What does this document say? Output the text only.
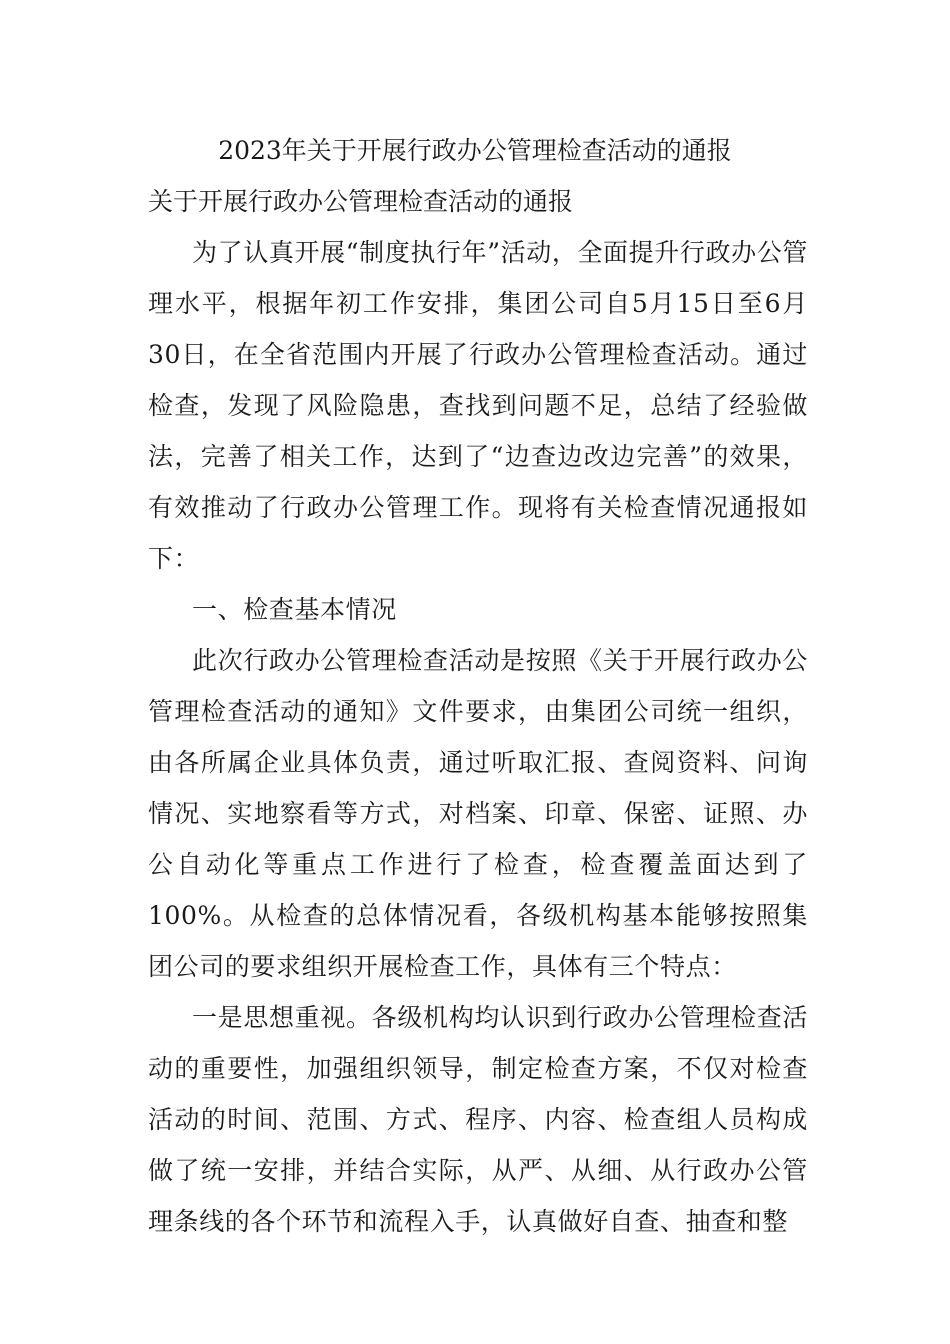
2023年关于开展行政办公管理检查活动的通报
关于开展行政办公管理检查活动的通报

为了认真开展“制度执行年”活动，全面提升行政办公管理水平，根据年初工作安排，集团公司自5月15日至6月30日，在全省范围内开展了行政办公管理检查活动。通过检查，发现了风险隐患，查找到问题不足，总结了经验做法，完善了相关工作，达到了“边查边改边完善”的效果，有效推动了行政办公管理工作。现将有关检查情况通报如下：

一、检查基本情况

此次行政办公管理检查活动是按照《关于开展行政办公管理检查活动的通知》文件要求，由集团公司统一组织，由各所属企业具体负责，通过听取汇报、查阅资料、问询情况、实地察看等方式，对档案、印章、保密、证照、办公自动化等重点工作进行了检查，检查覆盖面达到了100%。从检查的总体情况看，各级机构基本能够按照集团公司的要求组织开展检查工作，具体有三个特点：

一是思想重视。各级机构均认识到行政办公管理检查活动的重要性，加强组织领导，制定检查方案，不仅对检查活动的时间、范围、方式、程序、内容、检查组人员构成做了统一安排，并结合实际，从严、从细、从行政办公管理条线的各个环节和流程入手，认真做好自查、抽查和整
